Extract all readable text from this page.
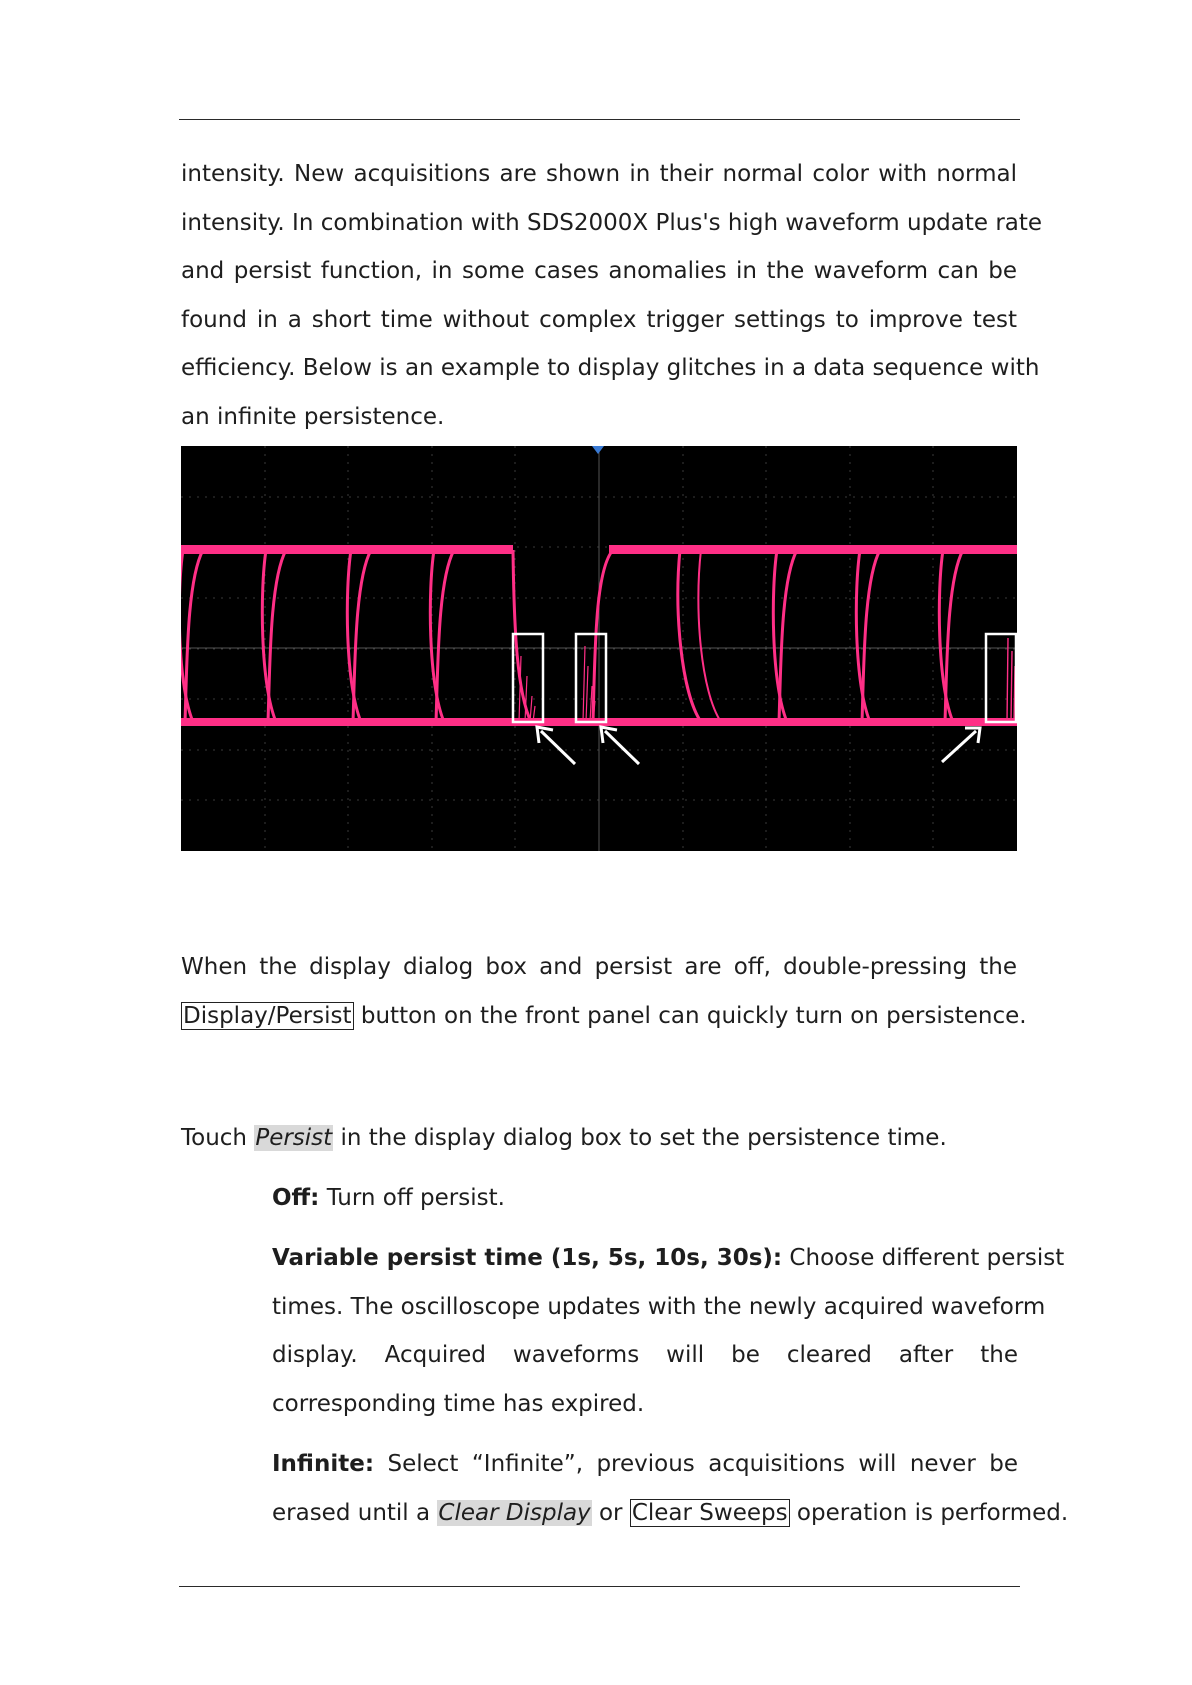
intensity. New acquisitions are shown in their normal color with normal
intensity. In combination with SDS2000X Plus's high waveform update rate
and persist function, in some cases anomalies in the waveform can be
found in a short time without complex trigger settings to improve test
efficiency. Below is an example to display glitches in a data sequence with
an infinite persistence.
When the display dialog box and persist are off, double-pressing the
Display/Persist button on the front panel can quickly turn on persistence.
Touch Persist in the display dialog box to set the persistence time.
Off: Turn off persist.
Variable persist time (1s, 5s, 10s, 30s): Choose different persist
times. The oscilloscope updates with the newly acquired waveform
display. Acquired waveforms will be cleared after the
corresponding time has expired.
Infinite: Select “Infinite”, previous acquisitions will never be
erased until a Clear Display or Clear Sweeps operation is performed.
